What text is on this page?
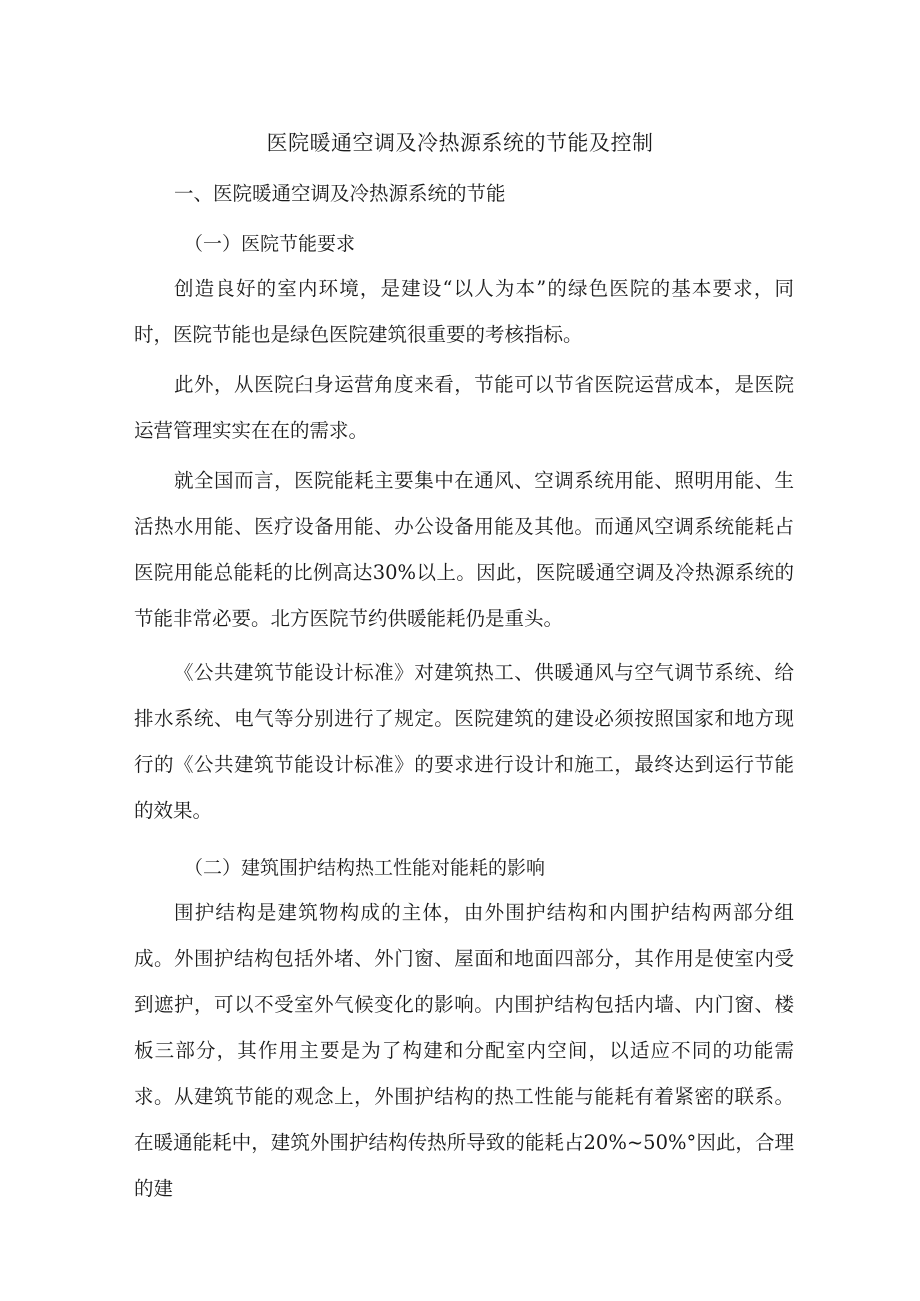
医院暖通空调及冷热源系统的节能及控制
一、医院暖通空调及冷热源系统的节能
（一）医院节能要求

创造良好的室内环境，是建设“以人为本”的绿色医院的基本要求，同时，医院节能也是绿色医院建筑很重要的考核指标。

此外，从医院臼身运营角度来看，节能可以节省医院运营成本，是医院运营管理实实在在的需求。

就全国而言，医院能耗主要集中在通风、空调系统用能、照明用能、生活热水用能、医疗设备用能、办公设备用能及其他。而通风空调系统能耗占医院用能总能耗的比例高达30%以上。因此，医院暖通空调及冷热源系统的节能非常必要。北方医院节约供暖能耗仍是重头。

《公共建筑节能设计标准》对建筑热工、供暖通风与空气调节系统、给排水系统、电气等分别进行了规定。医院建筑的建设必须按照国家和地方现行的《公共建筑节能设计标准》的要求进行设计和施工，最终达到运行节能的效果。

（二）建筑围护结构热工性能对能耗的影响

围护结构是建筑物构成的主体，由外围护结构和内围护结构两部分组成。外围护结构包括外堵、外门窗、屋面和地面四部分，其作用是使室内受到遮护，可以不受室外气候变化的影响。内围护结构包括内墙、内门窗、楼板三部分，其作用主要是为了构建和分配室内空间，以适应不同的功能需求。从建筑节能的观念上，外围护结构的热工性能与能耗有着紧密的联系。在暖通能耗中，建筑外围护结构传热所导致的能耗占20%~50%°因此，合理的建
